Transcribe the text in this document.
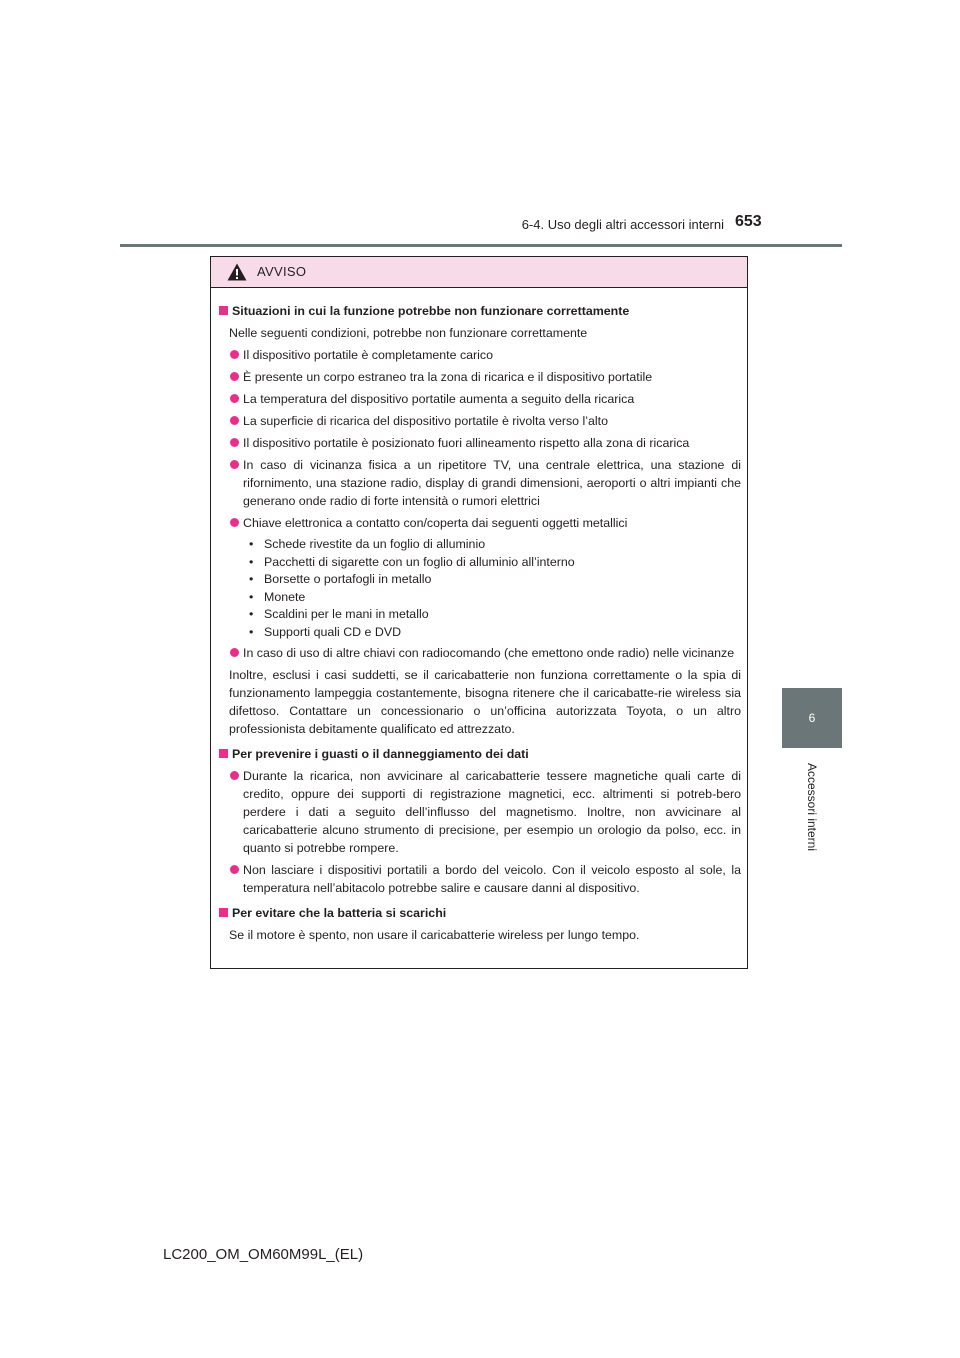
6-4. Uso degli altri accessori interni 653
6
Accessori interni
AVVISO
Situazioni in cui la funzione potrebbe non funzionare correttamente
Nelle seguenti condizioni, potrebbe non funzionare correttamente
Il dispositivo portatile è completamente carico
È presente un corpo estraneo tra la zona di ricarica e il dispositivo portatile
La temperatura del dispositivo portatile aumenta a seguito della ricarica
La superficie di ricarica del dispositivo portatile è rivolta verso l’alto
Il dispositivo portatile è posizionato fuori allineamento rispetto alla zona di ricarica
In caso di vicinanza fisica a un ripetitore TV, una centrale elettrica, una stazione di rifornimento, una stazione radio, display di grandi dimensioni, aeroporti o altri impianti che generano onde radio di forte intensità o rumori elettrici
Chiave elettronica a contatto con/coperta dai seguenti oggetti metallici
• Schede rivestite da un foglio di alluminio
• Pacchetti di sigarette con un foglio di alluminio all’interno
• Borsette o portafogli in metallo
• Monete
• Scaldini per le mani in metallo
• Supporti quali CD e DVD
In caso di uso di altre chiavi con radiocomando (che emettono onde radio) nelle vicinanze
Inoltre, esclusi i casi suddetti, se il caricabatterie non funziona correttamente o la spia di funzionamento lampeggia costantemente, bisogna ritenere che il caricabatte-rie wireless sia difettoso. Contattare un concessionario o un’officina autorizzata Toyota, o un altro professionista debitamente qualificato ed attrezzato.
Per prevenire i guasti o il danneggiamento dei dati
Durante la ricarica, non avvicinare al caricabatterie tessere magnetiche quali carte di credito, oppure dei supporti di registrazione magnetici, ecc. altrimenti si potreb-bero perdere i dati a seguito dell’influsso del magnetismo. Inoltre, non avvicinare al caricabatterie alcuno strumento di precisione, per esempio un orologio da polso, ecc. in quanto si potrebbe rompere.
Non lasciare i dispositivi portatili a bordo del veicolo. Con il veicolo esposto al sole, la temperatura nell’abitacolo potrebbe salire e causare danni al dispositivo.
Per evitare che la batteria si scarichi
Se il motore è spento, non usare il caricabatterie wireless per lungo tempo.
LC200_OM_OM60M99L_(EL)
